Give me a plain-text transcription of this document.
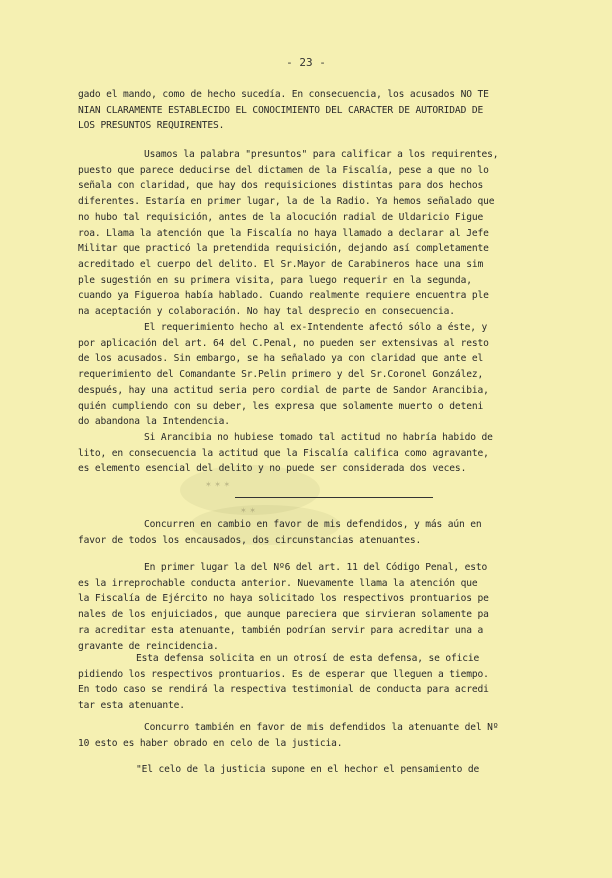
✶ ✶ ✶
✶ ✶
- 23 -
gado el mando, como de hecho sucedía. En consecuencia, los acusados NO TE
NIAN CLARAMENTE ESTABLECIDO EL CONOCIMIENTO DEL CARACTER DE AUTORIDAD DE
LOS PRESUNTOS REQUIRENTES.
Usamos la palabra "presuntos" para calificar a los requirentes,
puesto que parece deducirse del dictamen de la Fiscalía, pese a que no lo
señala con claridad, que hay dos requisiciones distintas para dos hechos
diferentes. Estaría en primer lugar, la de la Radio. Ya hemos señalado que
no hubo tal requisición, antes de la alocución radial de Uldaricio Figue
roa. Llama la atención que la Fiscalía no haya llamado a declarar al Jefe
Militar que practicó la pretendida requisición, dejando así completamente
acreditado el cuerpo del delito. El Sr.Mayor de Carabineros hace una sim
ple sugestión en su primera visita, para luego requerir en la segunda,
cuando ya Figueroa había hablado. Cuando realmente requiere encuentra ple
na aceptación y colaboración. No hay tal desprecio en consecuencia.
El requerimiento hecho al ex-Intendente afectó sólo a éste, y
por aplicación del art. 64 del C.Penal, no pueden ser extensivas al resto
de los acusados. Sin embargo, se ha señalado ya con claridad que ante el
requerimiento del Comandante Sr.Pelin primero y del Sr.Coronel González,
después, hay una actitud seria pero cordial de parte de Sandor Arancibia,
quién cumpliendo con su deber, les expresa que solamente muerto o deteni
do abandona la Intendencia.
Si Arancibia no hubiese tomado tal actitud no habría habido de
lito, en consecuencia la actitud que la Fiscalía califica como agravante,
es elemento esencial del delito y no puede ser considerada dos veces.
Concurren en cambio en favor de mis defendidos, y más aún en
favor de todos los encausados, dos circunstancias atenuantes.
En primer lugar la del Nº6 del art. 11 del Código Penal, esto
es la irreprochable conducta anterior. Nuevamente llama la atención que
la Fiscalía de Ejército no haya solicitado los respectivos prontuarios pe
nales de los enjuiciados, que aunque pareciera que sirvieran solamente pa
ra acreditar esta atenuante, también podrían servir para acreditar una a
gravante de reincidencia.
Esta defensa solicita en un otrosí de esta defensa, se oficie
pidiendo los respectivos prontuarios. Es de esperar que lleguen a tiempo.
En todo caso se rendirá la respectiva testimonial de conducta para acredi
tar esta atenuante.
Concurro también en favor de mis defendidos la atenuante del Nº
10 esto es haber obrado en celo de la justicia.
"El celo de la justicia supone en el hechor el pensamiento de
